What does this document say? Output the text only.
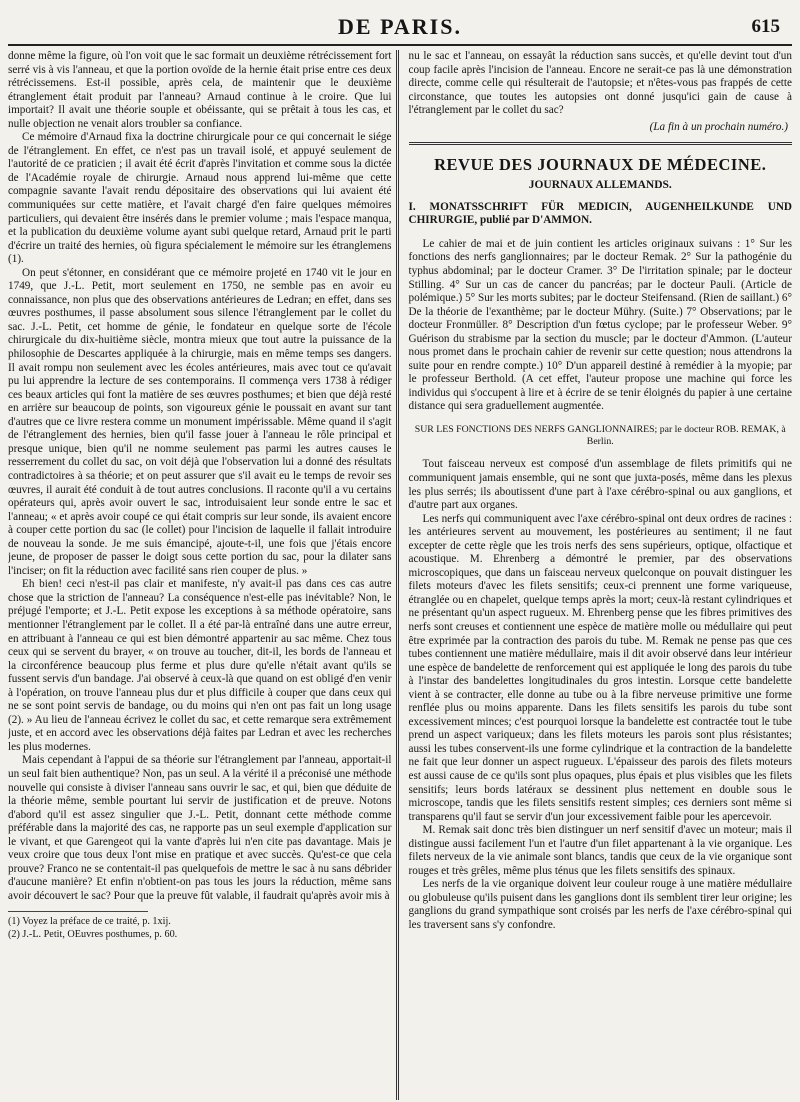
DE PARIS.	615

donne même la figure, où l'on voit que le sac formait un deuxième rétrécissement fort serré vis à vis l'anneau, et que la portion ovoïde de la hernie était prise entre ces deux rétrécissemens. Est-il possible, après cela, de maintenir que le deuxième étranglement était produit par l'anneau? Arnaud continue à le croire. Que lui importait? Il avait une théorie souple et obéissante, qui se prêtait à tous les cas, et nulle objection ne venait alors troubler sa confiance.

Ce mémoire d'Arnaud fixa la doctrine chirurgicale pour ce qui concernait le siége de l'étranglement. En effet, ce n'est pas un travail isolé, et appuyé seulement de l'autorité de ce praticien ; il avait été écrit d'après l'invitation et comme sous la dictée de l'Académie royale de chirurgie. Arnaud nous apprend lui-même que cette compagnie savante l'avait rendu dépositaire des observations qui lui avaient été communiquées sur cette matière, et l'avait chargé d'en faire quelques mémoires particuliers, qui devaient être insérés dans le premier volume ; mais l'espace manqua, et la publication du deuxième volume ayant subi quelque retard, Arnaud prit le parti d'écrire un traité des hernies, où figura spécialement le mémoire sur les étranglemens (1).

On peut s'étonner, en considérant que ce mémoire projeté en 1740 vit le jour en 1749, que J.-L. Petit, mort seulement en 1750, ne semble pas en avoir eu connaissance, non plus que des observations antérieures de Ledran; en effet, dans ses œuvres posthumes, il passe absolument sous silence l'étranglement par le collet du sac. J.-L. Petit, cet homme de génie, le fondateur en quelque sorte de l'école chirurgicale du dix-huitième siècle, montra mieux que tout autre la puissance de la philosophie de Descartes appliquée à la chirurgie, mais en même temps ses dangers. Il avait rompu non seulement avec les écoles antérieures, mais avec tout ce qu'avait pu lui apprendre la lecture de ses contemporains. Il commença vers 1738 à rédiger ces beaux articles qui font la matière de ses œuvres posthumes; et bien que déjà resté en arrière sur beaucoup de points, son vigoureux génie le poussait en avant sur tant d'autres que ce livre restera comme un monument impérissable. Même quand il s'agit de l'étranglement des hernies, bien qu'il fasse jouer à l'anneau le rôle principal et presque unique, bien qu'il ne nomme seulement pas parmi les autres causes le resserrement du collet du sac, on voit déjà que l'observation lui a donné des résultats contradictoires à sa théorie; et on peut assurer que s'il avait eu le temps de revoir ses œuvres, il aurait été conduit à de tout autres conclusions. Il raconte qu'il a vu certains opérateurs qui, après avoir ouvert le sac, introduisaient leur sonde entre le sac et l'anneau; « et après avoir coupé ce qui était compris sur leur sonde, ils avaient encore à couper cette portion du sac (le collet) pour l'incision de laquelle il fallait introduire de nouveau la sonde. Je me suis émancipé, ajoute-t-il, une fois que j'étais encore jeune, de proposer de passer le doigt sous cette portion du sac, pour la dilater sans l'inciser; on fit la réduction avec facilité sans rien couper de plus. »

Eh bien! ceci n'est-il pas clair et manifeste, n'y avait-il pas dans ces cas autre chose que la striction de l'anneau? La conséquence n'est-elle pas inévitable? Non, le préjugé l'emporte; et J.-L. Petit expose les exceptions à sa méthode opératoire, sans mentionner l'étranglement par le collet. Il a été par-là entraîné dans une autre erreur, en attribuant à l'anneau ce qui est bien démontré appartenir au sac même. Chez tous ceux qui se servent du brayer, « on trouve au toucher, dit-il, les bords de l'anneau et la circonférence beaucoup plus ferme et plus dure qu'elle n'était avant qu'ils se fussent servis d'un bandage. J'ai observé à ceux-là que quand on est obligé d'en venir à l'opération, on trouve l'anneau plus dur et plus difficile à couper que dans ceux qui ne se sont point servis de bandage, ou du moins qui n'en ont pas fait un long usage (2). » Au lieu de l'anneau écrivez le collet du sac, et cette remarque sera extrêmement juste, et en accord avec les observations déjà faites par Ledran et avec les recherches les plus modernes.

Mais cependant à l'appui de sa théorie sur l'étranglement par l'anneau, apportait-il un seul fait bien authentique? Non, pas un seul. A la vérité il a préconisé une méthode nouvelle qui consiste à diviser l'anneau sans ouvrir le sac, et qui, bien que déduite de la théorie même, semble pourtant lui servir de justification et de preuve. Notons d'abord qu'il est assez singulier que J.-L. Petit, donnant cette méthode comme préférable dans la majorité des cas, ne rapporte pas un seul exemple d'application sur le vivant, et que Garengeot qui la vante d'après lui n'en cite pas davantage. Mais je veux croire que tous deux l'ont mise en pratique et avec succès. Qu'est-ce que cela prouve? Franco ne se contentait-il pas quelquefois de mettre le sac à nu sans débrider d'aucune manière? Et enfin n'obtient-on pas tous les jours la réduction, même sans avoir découvert le sac? Pour que la preuve fût valable, il faudrait qu'après avoir mis à

(1) Voyez la préface de ce traité, p. 1xij.
(2) J.-L. Petit, OEuvres posthumes, p. 60.

nu le sac et l'anneau, on essayât la réduction sans succès, et qu'elle devint tout d'un coup facile après l'incision de l'anneau. Encore ne serait-ce pas là une démonstration directe, comme celle qui résulterait de l'autopsie; et n'êtes-vous pas frappés de cette circonstance, que toutes les autopsies ont donné jusqu'ici gain de cause à l'étranglement par le collet du sac?

(La fin à un prochain numéro.)
REVUE DES JOURNAUX DE MÉDECINE.
JOURNAUX ALLEMANDS.
I. MONATSSCHRIFT FÜR MEDICIN, AUGENHEILKUNDE UND CHIRURGIE, publié par D'AMMON.

Le cahier de mai et de juin contient les articles originaux suivans : 1° Sur les fonctions des nerfs ganglionnaires; par le docteur Remak. 2° Sur la pathogénie du typhus abdominal; par le docteur Cramer. 3° De l'irritation spinale; par le docteur Stilling. 4° Sur un cas de cancer du pancréas; par le docteur Pauli. (Article de polémique.) 5° Sur les morts subites; par le docteur Steifensand. (Rien de saillant.) 6° De la théorie de l'exanthème; par le docteur Mühry. (Suite.) 7° Observations; par le docteur Fronmüller. 8° Description d'un fœtus cyclope; par le professeur Weber. 9° Guérison du strabisme par la section du muscle; par le docteur d'Ammon. (L'auteur nous promet dans le prochain cahier de revenir sur cette question; nous attendrons la suite pour en rendre compte.) 10° D'un appareil destiné à remédier à la myopie; par le professeur Berthold. (A cet effet, l'auteur propose une machine qui force les individus qui s'occupent à lire et à écrire de se tenir éloignés du papier à une certaine distance qui sera graduellement augmentée.

SUR LES FONCTIONS DES NERFS GANGLIONNAIRES; par le docteur ROB. REMAK, à Berlin.

Tout faisceau nerveux est composé d'un assemblage de filets primitifs qui ne communiquent jamais ensemble, qui ne sont que juxta-posés, même dans les plexus les plus serrés; ils aboutissent d'une part à l'axe cérébro-spinal ou aux ganglions, et d'autre part aux organes.

Les nerfs qui communiquent avec l'axe cérébro-spinal ont deux ordres de racines : les antérieures servent au mouvement, les postérieures au sentiment; il ne faut excepter de cette règle que les trois nerfs des sens supérieurs, optique, olfactique et acoustique. M. Ehrenberg a démontré le premier, par des observations microscopiques, que dans un faisceau nerveux quelconque on pouvait distinguer les filets moteurs d'avec les filets sensitifs; ceux-ci prennent une forme variqueuse, étranglée ou en chapelet, quelque temps après la mort; ceux-là restant cylindriques et ne présentant qu'un aspect rugueux. M. Ehrenberg pense que les fibres primitives des nerfs sont creuses et contiennent une espèce de matière molle ou médullaire qui peut être exprimée par la contraction des parois du tube. M. Remak ne pense pas que ces tubes contiennent une matière médullaire, mais il dit avoir observé dans leur intérieur une espèce de bandelette de renforcement qui est appliquée le long des parois du tube à l'instar des bandelettes longitudinales du gros intestin. Lorsque cette bandelette vient à se contracter, elle donne au tube ou à la fibre nerveuse primitive une forme renflée plus ou moins apparente. Dans les filets sensitifs les parois du tube sont excessivement minces; c'est pourquoi lorsque la bandelette est contractée tout le tube prend un aspect variqueux; dans les filets moteurs les parois sont plus résistantes; aussi les tubes conservent-ils une forme cylindrique et la contraction de la bandelette ne fait que leur donner un aspect rugueux. L'épaisseur des parois des filets moteurs est aussi cause de ce qu'ils sont plus opaques, plus épais et plus visibles que les filets sensitifs; leurs bords latéraux se dessinent plus nettement en double sous le microscope, tandis que les filets sensitifs restent simples; ces derniers sont même si transparens qu'il faut se servir d'un jour excessivement faible pour les apercevoir.

M. Remak sait donc très bien distinguer un nerf sensitif d'avec un moteur; mais il distingue aussi facilement l'un et l'autre d'un filet appartenant à la vie organique. Les filets nerveux de la vie animale sont blancs, tandis que ceux de la vie organique sont rouges et très grêles, même plus ténus que les filets sensitifs des spinaux.

Les nerfs de la vie organique doivent leur couleur rouge à une matière médullaire ou globuleuse qu'ils puisent dans les ganglions dont ils semblent tirer leur origine; les ganglions du grand sympathique sont croisés par les nerfs de l'axe cérébro-spinal qui les traversent sans s'y confondre.
